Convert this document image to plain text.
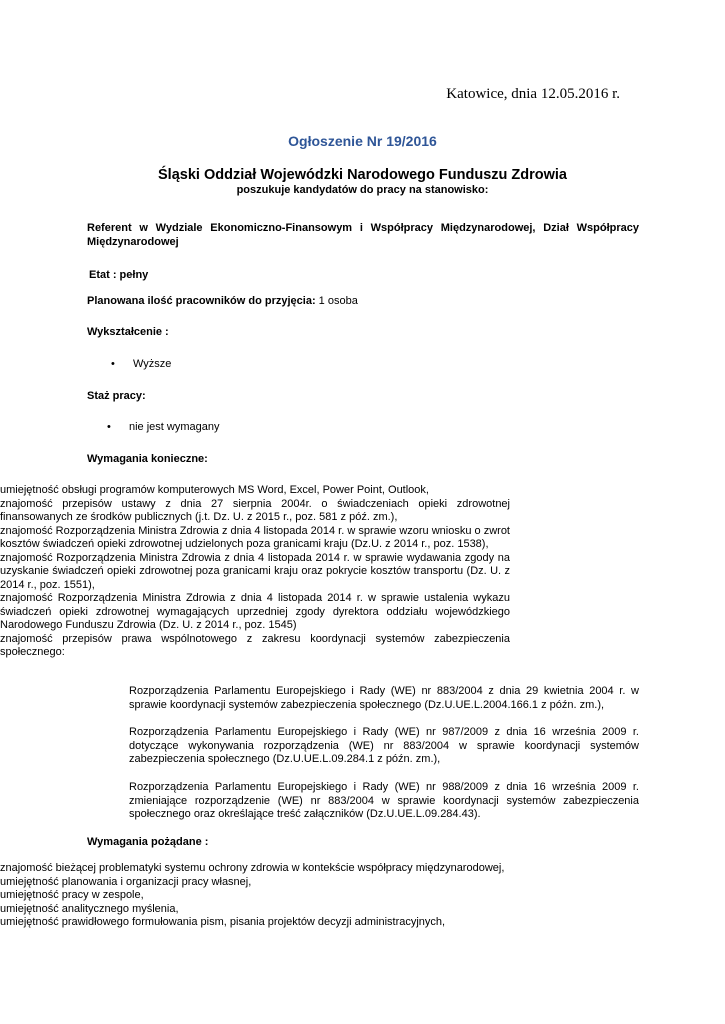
Katowice, dnia 12.05.2016 r.
Ogłoszenie Nr 19/2016
Śląski Oddział Wojewódzki Narodowego Funduszu Zdrowia
poszukuje kandydatów do pracy na stanowisko:
Referent w Wydziale Ekonomiczno-Finansowym i Współpracy Międzynarodowej, Dział Współpracy Międzynarodowej
Etat : pełny
Planowana ilość pracowników do przyjęcia: 1 osoba
Wykształcenie :
• Wyższe
Staż pracy:
• nie jest wymagany
Wymagania konieczne:
• umiejętność obsługi programów komputerowych MS Word, Excel, Power Point, Outlook,
• znajomość przepisów ustawy z dnia 27 sierpnia 2004r. o świadczeniach opieki zdrowotnej finansowanych ze środków publicznych (j.t. Dz. U. z 2015 r., poz. 581 z póź. zm.),
• znajomość Rozporządzenia Ministra Zdrowia z dnia 4 listopada 2014 r. w sprawie wzoru wniosku o zwrot kosztów świadczeń opieki zdrowotnej udzielonych poza granicami kraju (Dz.U. z 2014 r., poz. 1538),
• znajomość Rozporządzenia Ministra Zdrowia z dnia 4 listopada 2014 r. w sprawie wydawania zgody na uzyskanie świadczeń opieki zdrowotnej poza granicami kraju oraz pokrycie kosztów transportu (Dz. U. z 2014 r., poz. 1551),
• znajomość Rozporządzenia Ministra Zdrowia z dnia 4 listopada 2014 r. w sprawie ustalenia wykazu świadczeń opieki zdrowotnej wymagających uprzedniej zgody dyrektora oddziału wojewódzkiego Narodowego Funduszu Zdrowia (Dz. U. z 2014 r., poz. 1545)
• znajomość przepisów prawa wspólnotowego z zakresu koordynacji systemów zabezpieczenia społecznego:
Rozporządzenia Parlamentu Europejskiego i Rady (WE) nr 883/2004 z dnia 29 kwietnia 2004 r. w sprawie koordynacji systemów zabezpieczenia społecznego (Dz.U.UE.L.2004.166.1 z późn. zm.),
Rozporządzenia Parlamentu Europejskiego i Rady (WE) nr 987/2009 z dnia 16 września 2009 r. dotyczące wykonywania rozporządzenia (WE) nr 883/2004 w sprawie koordynacji systemów zabezpieczenia społecznego (Dz.U.UE.L.09.284.1 z późn. zm.),
Rozporządzenia Parlamentu Europejskiego i Rady (WE) nr 988/2009 z dnia 16 września 2009 r. zmieniające rozporządzenie (WE) nr 883/2004 w sprawie koordynacji systemów zabezpieczenia społecznego oraz określające treść załączników (Dz.U.UE.L.09.284.43).
Wymagania pożądane :
• znajomość bieżącej problematyki systemu ochrony zdrowia w kontekście współpracy międzynarodowej,
• umiejętność planowania i organizacji pracy własnej,
• umiejętność pracy w zespole,
• umiejętność analitycznego myślenia,
• umiejętność prawidłowego formułowania pism, pisania projektów decyzji administracyjnych,
